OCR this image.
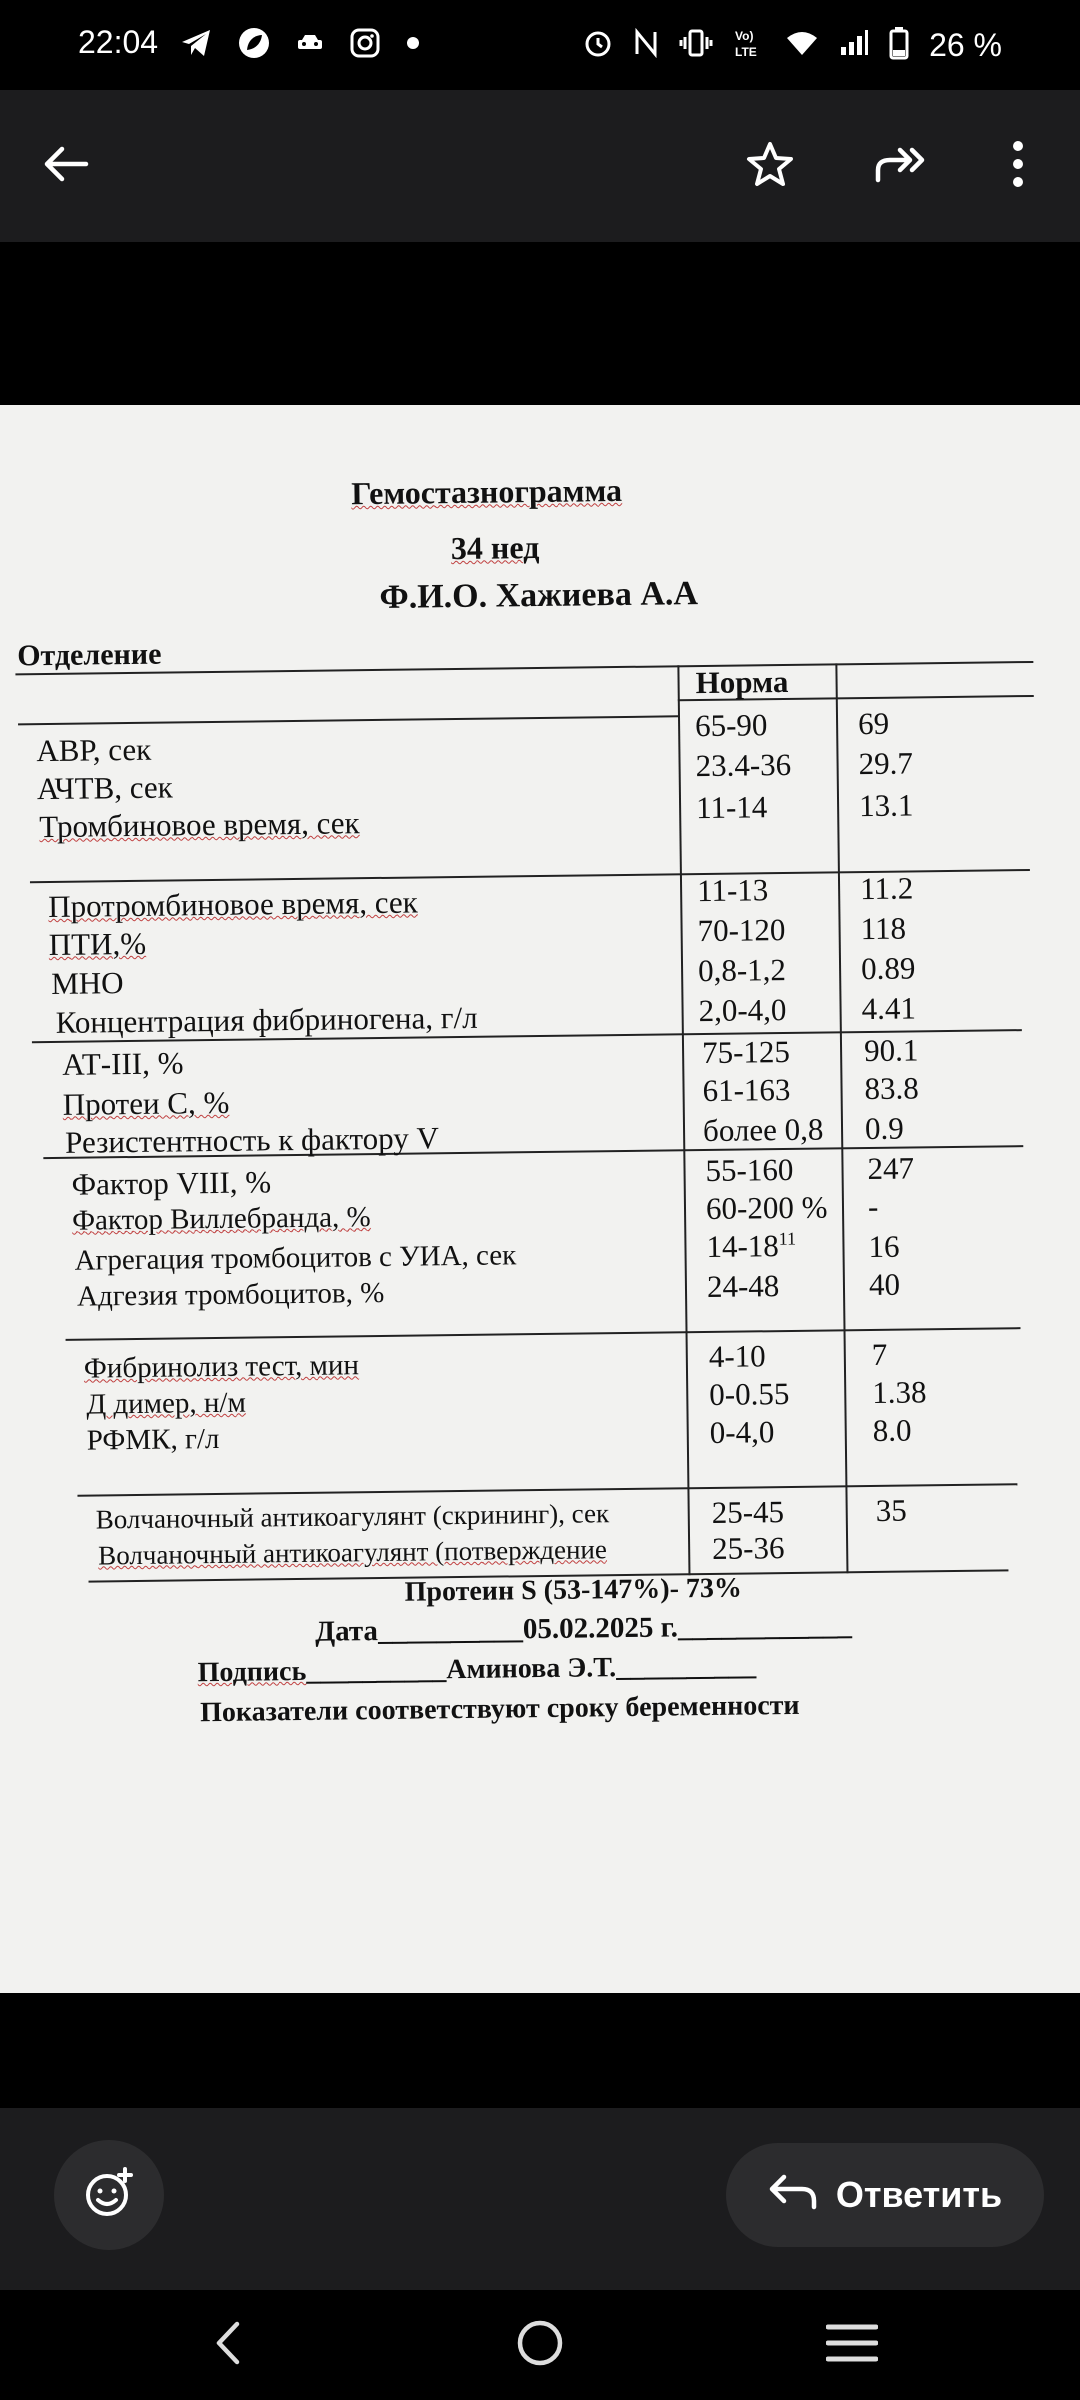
22:04	Vo)
LTE	26 %
Гемостазнограмма
34 нед
Ф.И.О. Хажиева А.А
Отделение
Норма
АВР, сек
65-90	69
АЧТВ, сек
23.4-36 29.7
Тромбиновое время, сек	11-14	13.1
Протромбиновое время, сек	11-13	11.2
ПТИ,%	70-120 118
МНО	0,8-1,2 0.89
Концентрация фибриногена, г/л	2,0-4,0 4.41
АТ-III, %	75-125 90.1
Протеи С, %	61-163 83.8
Резистентность к фактору V	более 0,8 0.9
Фактор VIII, %	55-160 247
Фактор Виллебранда, %	60-200 % -
Агрегация тромбоцитов с УИА, сек	$14-18^{11}$ 16
Адгезия тромбоцитов, %	24-48	40
Фибринолиз тест, мин	4-10	7
Д димер, н/м	0-0.55	1.38
РФМК, г/л	0-4,0	8.0
Волчаночный антикоагулянт (скрининг), сек	25-45	35
Волчаночный антикоагулянт (потверждение	25-36
Протеин S (53-147%)- 73%
Дата__________05.02.2025 г.____________
Подпись__________Аминова Э.Т.__________
Показатели соответствуют сроку беременности
Ответить
